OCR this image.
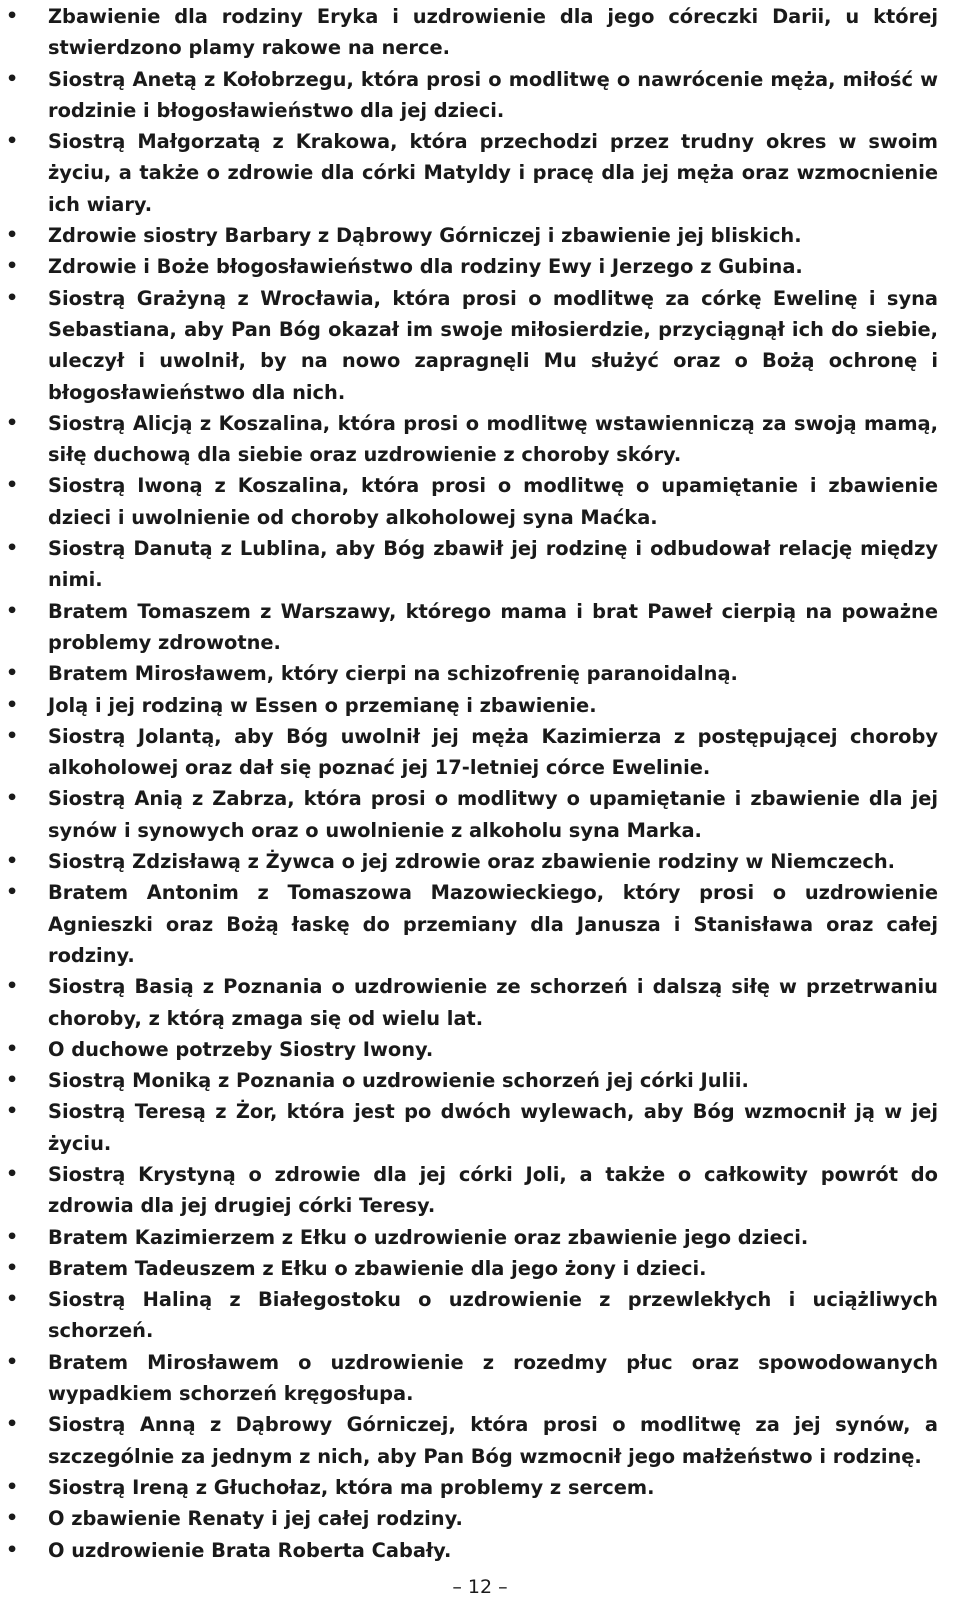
• Zbawienie dla rodziny Eryka i uzdrowienie dla jego córeczki Darii, u której stwierdzono plamy rakowe na nerce.
• Siostrą Anetą z Kołobrzegu, która prosi o modlitwę o nawrócenie męża, miłość w rodzinie i błogosławieństwo dla jej dzieci.
• Siostrą Małgorzatą z Krakowa, która przechodzi przez trudny okres w swoim życiu, a także o zdrowie dla córki Matyldy i pracę dla jej męża oraz wzmocnienie ich wiary.
• Zdrowie siostry Barbary z Dąbrowy Górniczej i zbawienie jej bliskich.
• Zdrowie i Boże błogosławieństwo dla rodziny Ewy i Jerzego z Gubina.
• Siostrą Grażyną z Wrocławia, która prosi o modlitwę za córkę Ewelinę i syna Sebastiana, aby Pan Bóg okazał im swoje miłosierdzie, przyciągnął ich do siebie, uleczył i uwolnił, by na nowo zapragnęli Mu służyć oraz o Bożą ochronę i błogosławieństwo dla nich.
• Siostrą Alicją z Koszalina, która prosi o modlitwę wstawienniczą za swoją mamą, siłę duchową dla siebie oraz uzdrowienie z choroby skóry.
• Siostrą Iwoną z Koszalina, która prosi o modlitwę o upamiętanie i zbawienie dzieci i uwolnienie od choroby alkoholowej syna Maćka.
• Siostrą Danutą z Lublina, aby Bóg zbawił jej rodzinę i odbudował relację między nimi.
• Bratem Tomaszem z Warszawy, którego mama i brat Paweł cierpią na poważne problemy zdrowotne.
• Bratem Mirosławem, który cierpi na schizofrenię paranoidalną.
• Jolą i jej rodziną w Essen o przemianę i zbawienie.
• Siostrą Jolantą, aby Bóg uwolnił jej męża Kazimierza z postępującej choroby alkoholowej oraz dał się poznać jej 17-letniej córce Ewelinie.
• Siostrą Anią z Zabrza, która prosi o modlitwy o upamiętanie i zbawienie dla jej synów i synowych oraz o uwolnienie z alkoholu syna Marka.
• Siostrą Zdzisławą z Żywca o jej zdrowie oraz zbawienie rodziny w Niemczech.
• Bratem Antonim z Tomaszowa Mazowieckiego, który prosi o uzdrowienie Agnieszki oraz Bożą łaskę do przemiany dla Janusza i Stanisława oraz całej rodziny.
• Siostrą Basią z Poznania o uzdrowienie ze schorzeń i dalszą siłę w przetrwaniu choroby, z którą zmaga się od wielu lat.
• O duchowe potrzeby Siostry Iwony.
• Siostrą Moniką z Poznania o uzdrowienie schorzeń jej córki Julii.
• Siostrą Teresą z Żor, która jest po dwóch wylewach, aby Bóg wzmocnił ją w jej życiu.
• Siostrą Krystyną o zdrowie dla jej córki Joli, a także o całkowity powrót do zdrowia dla jej drugiej córki Teresy.
• Bratem Kazimierzem z Ełku o uzdrowienie oraz zbawienie jego dzieci.
• Bratem Tadeuszem z Ełku o zbawienie dla jego żony i dzieci.
• Siostrą Haliną z Białegostoku o uzdrowienie z przewlekłych i uciążliwych schorzeń.
• Bratem Mirosławem o uzdrowienie z rozedmy płuc oraz spowodowanych wypadkiem schorzeń kręgosłupa.
• Siostrą Anną z Dąbrowy Górniczej, która prosi o modlitwę za jej synów, a szczególnie za jednym z nich, aby Pan Bóg wzmocnił jego małżeństwo i rodzinę.
• Siostrą Ireną z Głuchołaz, która ma problemy z sercem.
• O zbawienie Renaty i jej całej rodziny.
• O uzdrowienie Brata Roberta Cabały.
– 12 –
